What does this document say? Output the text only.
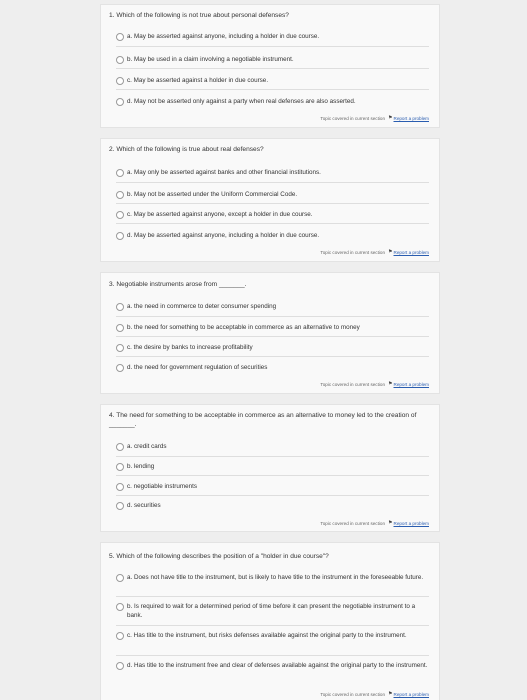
1. Which of the following is not true about personal defenses?
a. May be asserted against anyone, including a holder in due course.
b. May be used in a claim involving a negotiable instrument.
c. May be asserted against a holder in due course.
d. May not be asserted only against a party when real defenses are also asserted.
Topic covered in current section ⚑ Report a problem
2. Which of the following is true about real defenses?
a. May only be asserted against banks and other financial institutions.
b. May not be asserted under the Uniform Commercial Code.
c. May be asserted against anyone, except a holder in due course.
d. May be asserted against anyone, including a holder in due course.
Topic covered in current section ⚑ Report a problem
3. Negotiable instruments arose from _______.
a. the need in commerce to deter consumer spending
b. the need for something to be acceptable in commerce as an alternative to money
c. the desire by banks to increase profitability
d. the need for government regulation of securities
Topic covered in current section ⚑ Report a problem
4. The need for something to be acceptable in commerce as an alternative to money led to the creation of _______.
a. credit cards
b. lending
c. negotiable instruments
d. securities
Topic covered in current section ⚑ Report a problem
5. Which of the following describes the position of a "holder in due course"?
a. Does not have title to the instrument, but is likely to have title to the instrument in the foreseeable future.
b. Is required to wait for a determined period of time before it can present the negotiable instrument to a bank.
c. Has title to the instrument, but risks defenses available against the original party to the instrument.
d. Has title to the instrument free and clear of defenses available against the original party to the instrument.
Topic covered in current section ⚑ Report a problem
